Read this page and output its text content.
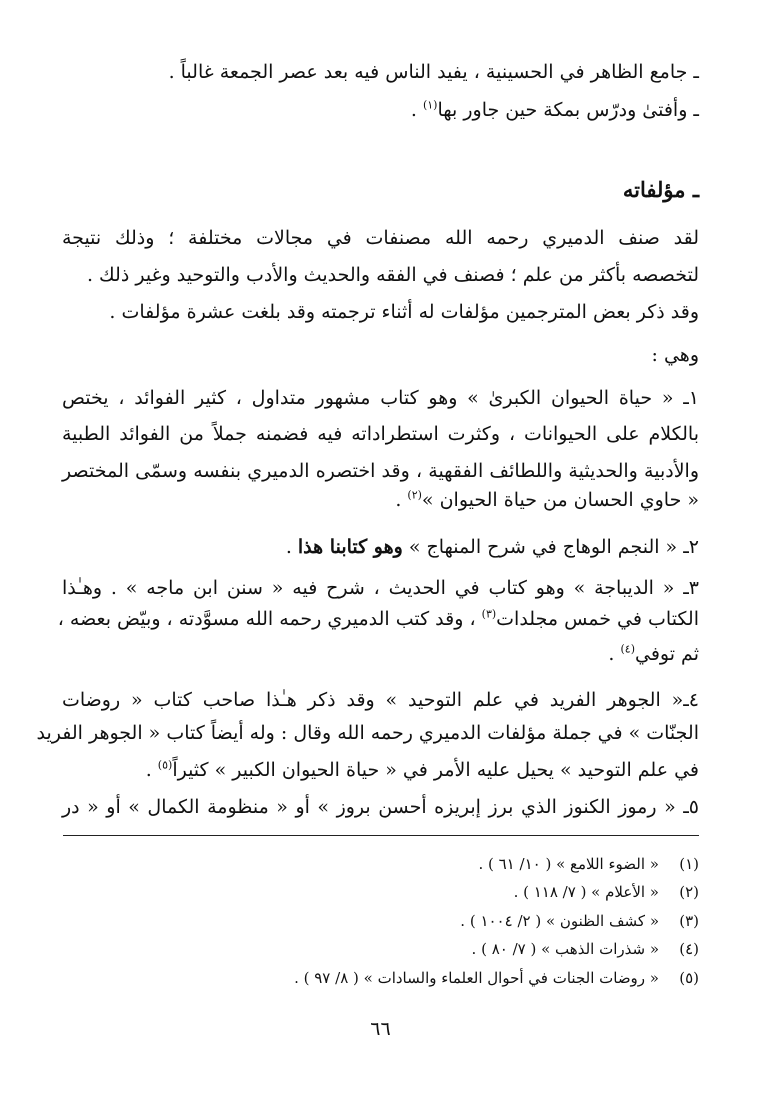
ـ جامع الظاهر في الحسينية ، يفيد الناس فيه بعد عصر الجمعة غالباً .
ـ وأفتىٰ ودرّس بمكة حين جاور بها$^{(١)}$ .
ـ مؤلفاته
لقد صنف الدميري رحمه الله مصنفات في مجالات مختلفة ؛ وذلك نتيجة
لتخصصه بأكثر من علم ؛ فصنف في الفقه والحديث والأدب والتوحيد وغير ذلك .
وقد ذكر بعض المترجمين مؤلفات له أثناء ترجمته وقد بلغت عشرة مؤلفات .
وهي :
١ـ « حياة الحيوان الكبرىٰ » وهو كتاب مشهور متداول ، كثير الفوائد ، يختص
بالكلام على الحيوانات ، وكثرت استطراداته فيه فضمنه جملاً من الفوائد الطبية
والأدبية والحديثية واللطائف الفقهية ، وقد اختصره الدميري بنفسه وسمّى المختصر
« حاوي الحسان من حياة الحيوان »$^{(٢)}$ .
٢ـ « النجم الوهاج في شرح المنهاج » وهو كتابنا هذا .
٣ـ « الديباجة » وهو كتاب في الحديث ، شرح فيه « سنن ابن ماجه » . وهـٰذا
الكتاب في خمس مجلدات$^{(٣)}$ ، وقد كتب الدميري رحمه الله مسوَّدته ، وبيّض بعضه ،
ثم توفي$^{(٤)}$ .
٤ـ« الجوهر الفريد في علم التوحيد » وقد ذكر هـٰذا صاحب كتاب « روضات
الجنّات » في جملة مؤلفات الدميري رحمه الله وقال : وله أيضاً كتاب « الجوهر الفريد
في علم التوحيد » يحيل عليه الأمر في « حياة الحيوان الكبير » كثيراً$^{(٥)}$ .
٥ـ « رموز الكنوز الذي برز إبريزه أحسن بروز » أو « منظومة الكمال » أو « در
(١)« الضوء اللامع » ( ١٠/ ٦١ ) .
(٢)« الأعلام » ( ٧/ ١١٨ ) .
(٣)« كشف الظنون » ( ٢/ ١٠٠٤ ) .
(٤)« شذرات الذهب » ( ٧/ ٨٠ ) .
(٥)« روضات الجنات في أحوال العلماء والسادات » ( ٨/ ٩٧ ) .
٦٦
